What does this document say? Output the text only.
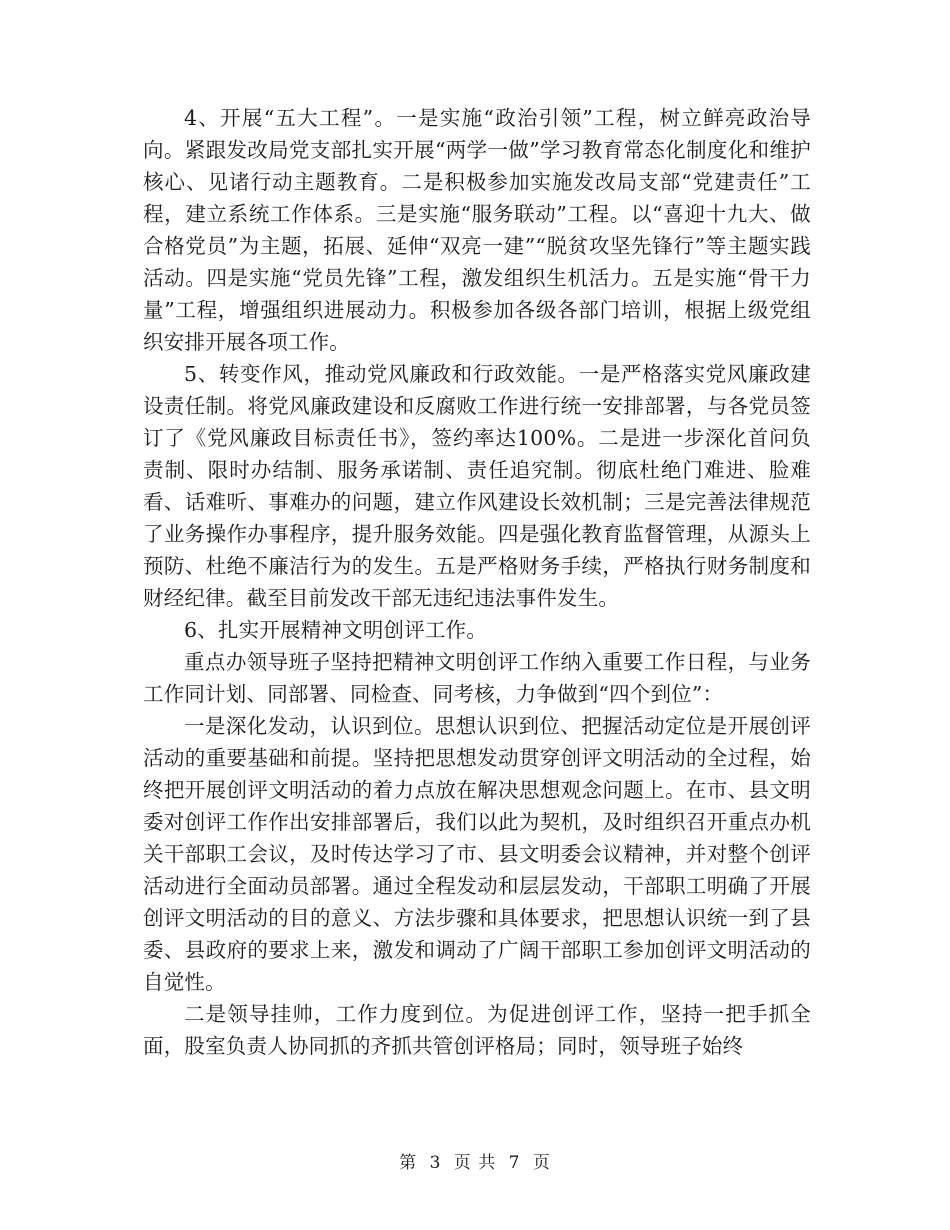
4、开展“五大工程”。一是实施“政治引领”工程，树立鲜亮政治导向。紧跟发改局党支部扎实开展“两学一做”学习教育常态化制度化和维护核心、见诸行动主题教育。二是积极参加实施发改局支部“党建责任”工程，建立系统工作体系。三是实施“服务联动”工程。以“喜迎十九大、做合格党员”为主题，拓展、延伸“双亮一建”“脱贫攻坚先锋行”等主题实践活动。四是实施“党员先锋”工程，激发组织生机活力。五是实施“骨干力量”工程，增强组织进展动力。积极参加各级各部门培训，根据上级党组织安排开展各项工作。

5、转变作风，推动党风廉政和行政效能。一是严格落实党风廉政建设责任制。将党风廉政建设和反腐败工作进行统一安排部署，与各党员签订了《党风廉政目标责任书》，签约率达100%。二是进一步深化首问负责制、限时办结制、服务承诺制、责任追究制。彻底杜绝门难进、脸难看、话难听、事难办的问题，建立作风建设长效机制；三是完善法律规范了业务操作办事程序，提升服务效能。四是强化教育监督管理，从源头上预防、杜绝不廉洁行为的发生。五是严格财务手续，严格执行财务制度和财经纪律。截至目前发改干部无违纪违法事件发生。

6、扎实开展精神文明创评工作。

重点办领导班子坚持把精神文明创评工作纳入重要工作日程，与业务工作同计划、同部署、同检查、同考核，力争做到“四个到位”：

一是深化发动，认识到位。思想认识到位、把握活动定位是开展创评活动的重要基础和前提。坚持把思想发动贯穿创评文明活动的全过程，始终把开展创评文明活动的着力点放在解决思想观念问题上。在市、县文明委对创评工作作出安排部署后，我们以此为契机，及时组织召开重点办机关干部职工会议，及时传达学习了市、县文明委会议精神，并对整个创评活动进行全面动员部署。通过全程发动和层层发动，干部职工明确了开展创评文明活动的目的意义、方法步骤和具体要求，把思想认识统一到了县委、县政府的要求上来，激发和调动了广阔干部职工参加创评文明活动的自觉性。

二是领导挂帅，工作力度到位。为促进创评工作，坚持一把手抓全面，股室负责人协同抓的齐抓共管创评格局；同时，领导班子始终

第 3 页 共 7 页
